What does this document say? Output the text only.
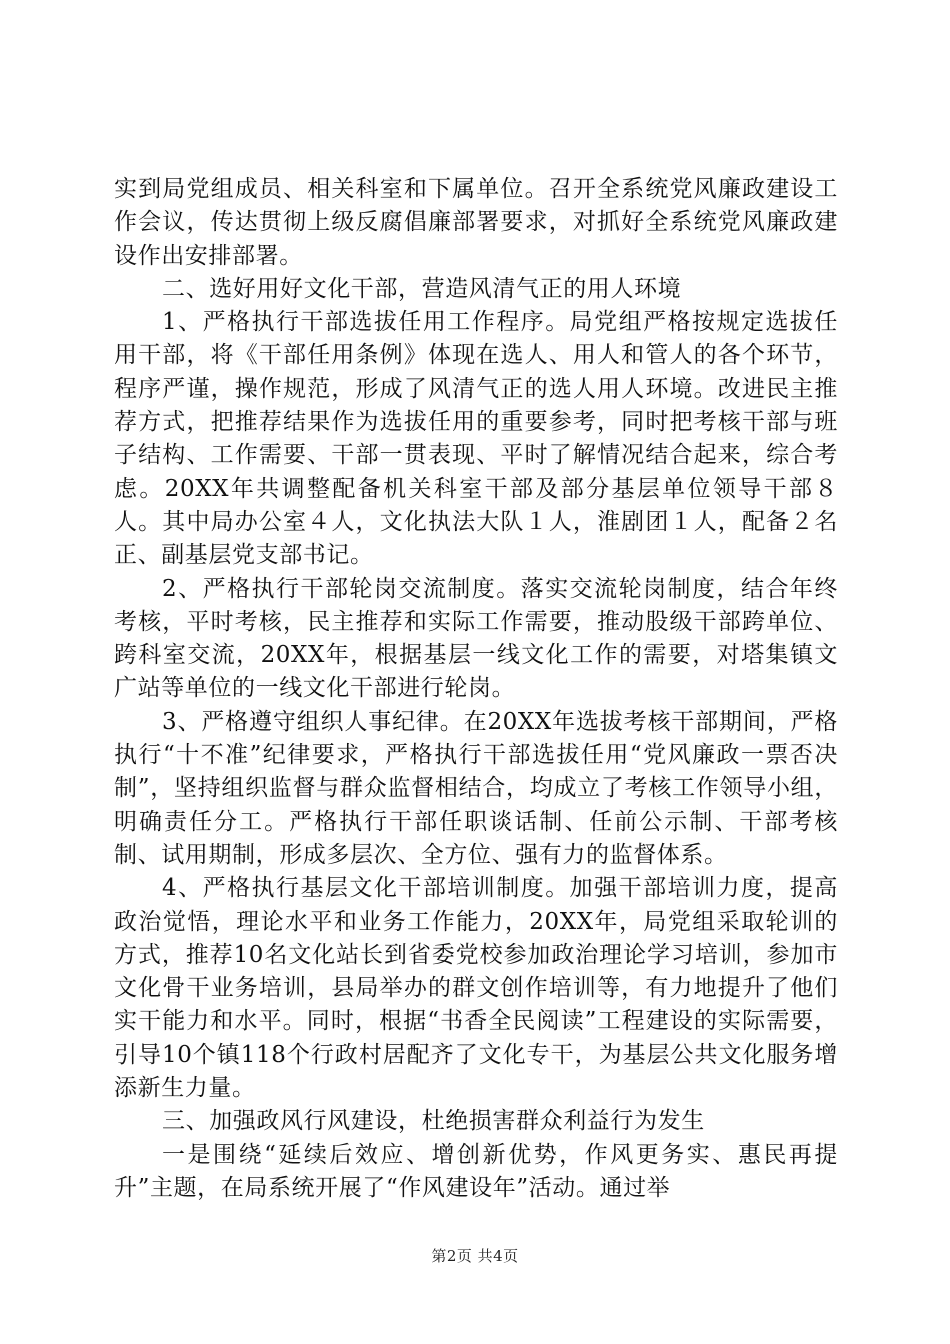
实到局党组成员、相关科室和下属单位。召开全系统党风廉政建设工作会议，传达贯彻上级反腐倡廉部署要求，对抓好全系统党风廉政建设作出安排部署。

二、选好用好文化干部，营造风清气正的用人环境

1、严格执行干部选拔任用工作程序。局党组严格按规定选拔任用干部，将《干部任用条例》体现在选人、用人和管人的各个环节，程序严谨，操作规范，形成了风清气正的选人用人环境。改进民主推荐方式，把推荐结果作为选拔任用的重要参考，同时把考核干部与班子结构、工作需要、干部一贯表现、平时了解情况结合起来，综合考虑。20XX年共调整配备机关科室干部及部分基层单位领导干部８人。其中局办公室４人，文化执法大队１人，淮剧团１人，配备２名正、副基层党支部书记。

2、严格执行干部轮岗交流制度。落实交流轮岗制度，结合年终考核，平时考核，民主推荐和实际工作需要，推动股级干部跨单位、跨科室交流，20XX年，根据基层一线文化工作的需要，对塔集镇文广站等单位的一线文化干部进行轮岗。

3、严格遵守组织人事纪律。在20XX年选拔考核干部期间，严格执行“十不准”纪律要求，严格执行干部选拔任用“党风廉政一票否决制”，坚持组织监督与群众监督相结合，均成立了考核工作领导小组，明确责任分工。严格执行干部任职谈话制、任前公示制、干部考核制、试用期制，形成多层次、全方位、强有力的监督体系。

4、严格执行基层文化干部培训制度。加强干部培训力度，提高政治觉悟，理论水平和业务工作能力，20XX年，局党组采取轮训的方式，推荐10名文化站长到省委党校参加政治理论学习培训，参加市文化骨干业务培训，县局举办的群文创作培训等，有力地提升了他们实干能力和水平。同时，根据“书香全民阅读”工程建设的实际需要，引导10个镇118个行政村居配齐了文化专干，为基层公共文化服务增添新生力量。

三、加强政风行风建设，杜绝损害群众利益行为发生

一是围绕“延续后效应、增创新优势，作风更务实、惠民再提升”主题，在局系统开展了“作风建设年”活动。通过举

第2页 共4页
